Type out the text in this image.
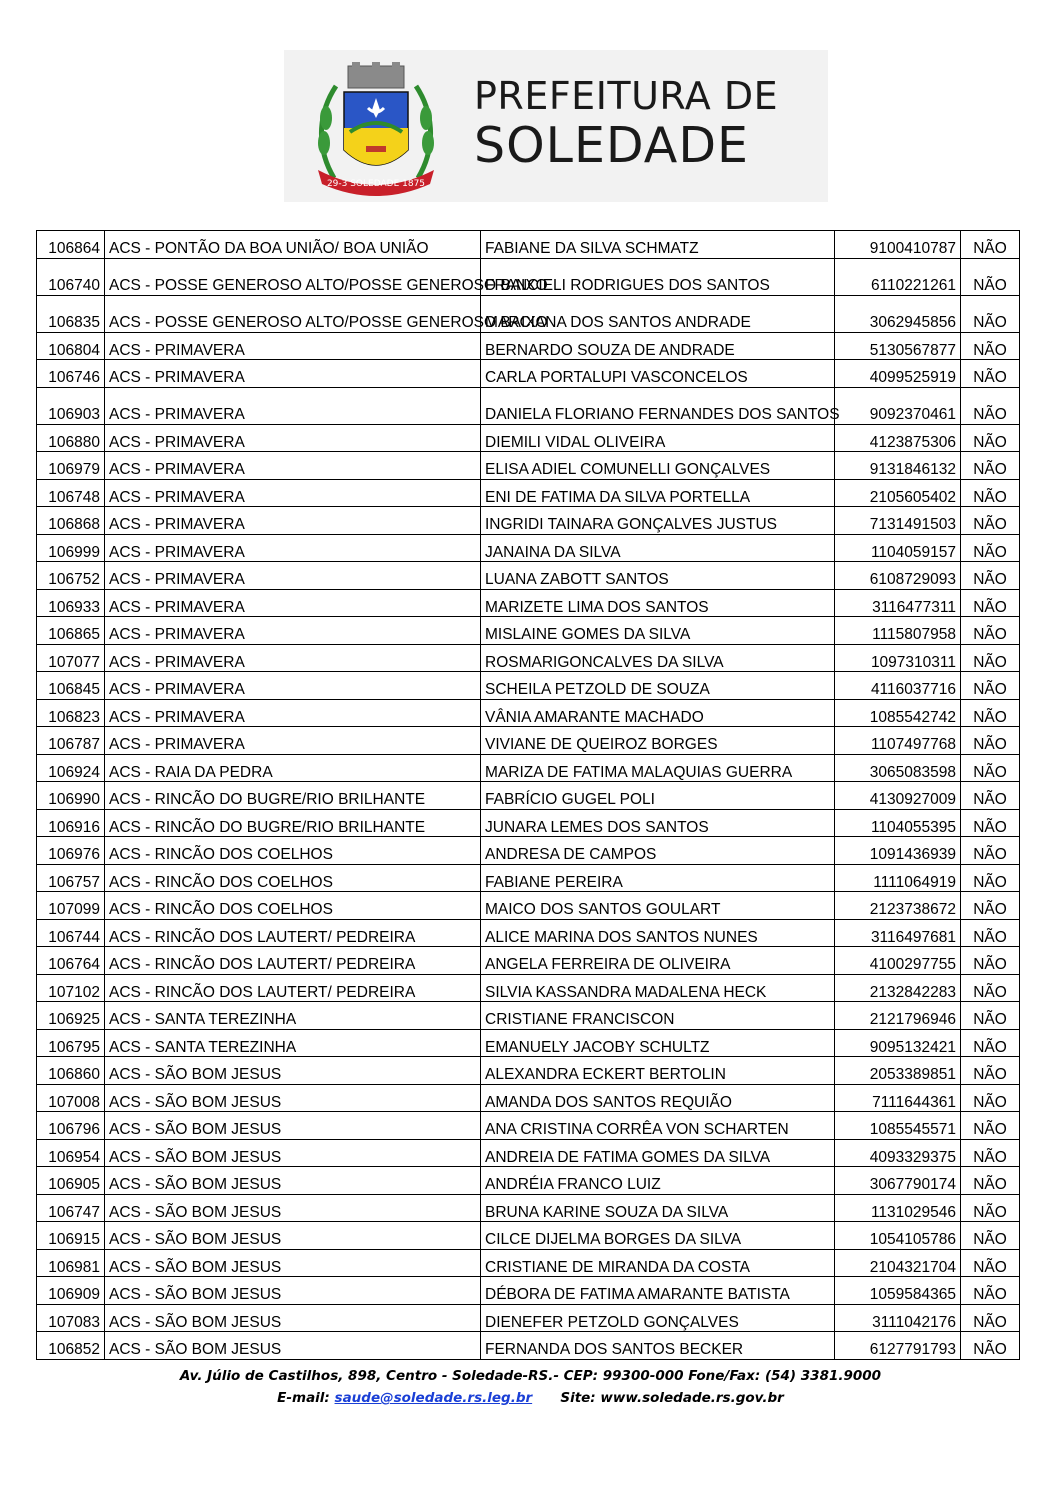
29-3 SOLEDADE 1875
PREFEITURA DE
SOLEDADE
106864	ACS - PONTÃO DA BOA UNIÃO/ BOA UNIÃO	FABIANE DA SILVA SCHMATZ	9100410787	NÃO
106740	ACS - POSSE GENEROSO ALTO/POSSE GENEROSO BAIXO	FRANCIELI RODRIGUES DOS SANTOS	6110221261	NÃO
106835	ACS - POSSE GENEROSO ALTO/POSSE GENEROSO BAIXO	MARCIANA DOS SANTOS ANDRADE	3062945856	NÃO
106804	ACS - PRIMAVERA	BERNARDO SOUZA DE ANDRADE	5130567877	NÃO
106746	ACS - PRIMAVERA	CARLA PORTALUPI VASCONCELOS	4099525919	NÃO
106903	ACS - PRIMAVERA	DANIELA FLORIANO FERNANDES DOS SANTOS	9092370461	NÃO
106880	ACS - PRIMAVERA	DIEMILI VIDAL OLIVEIRA	4123875306	NÃO
106979	ACS - PRIMAVERA	ELISA ADIEL COMUNELLI GONÇALVES	9131846132	NÃO
106748	ACS - PRIMAVERA	ENI DE FATIMA DA SILVA PORTELLA	2105605402	NÃO
106868	ACS - PRIMAVERA	INGRIDI TAINARA GONÇALVES JUSTUS	7131491503	NÃO
106999	ACS - PRIMAVERA	JANAINA DA SILVA	1104059157	NÃO
106752	ACS - PRIMAVERA	LUANA ZABOTT SANTOS	6108729093	NÃO
106933	ACS - PRIMAVERA	MARIZETE LIMA DOS SANTOS	3116477311	NÃO
106865	ACS - PRIMAVERA	MISLAINE GOMES DA SILVA	1115807958	NÃO
107077	ACS - PRIMAVERA	ROSMARIGONCALVES DA SILVA	1097310311	NÃO
106845	ACS - PRIMAVERA	SCHEILA PETZOLD DE SOUZA	4116037716	NÃO
106823	ACS - PRIMAVERA	VÂNIA AMARANTE MACHADO	1085542742	NÃO
106787	ACS - PRIMAVERA	VIVIANE DE QUEIROZ BORGES	1107497768	NÃO
106924	ACS - RAIA DA PEDRA	MARIZA DE FATIMA MALAQUIAS GUERRA	3065083598	NÃO
106990	ACS - RINCÃO DO BUGRE/RIO BRILHANTE	FABRÍCIO GUGEL POLI	4130927009	NÃO
106916	ACS - RINCÃO DO BUGRE/RIO BRILHANTE	JUNARA LEMES DOS SANTOS	1104055395	NÃO
106976	ACS - RINCÃO DOS COELHOS	ANDRESA DE CAMPOS	1091436939	NÃO
106757	ACS - RINCÃO DOS COELHOS	FABIANE PEREIRA	1111064919	NÃO
107099	ACS - RINCÃO DOS COELHOS	MAICO DOS SANTOS GOULART	2123738672	NÃO
106744	ACS - RINCÃO DOS LAUTERT/ PEDREIRA	ALICE MARINA DOS SANTOS NUNES	3116497681	NÃO
106764	ACS - RINCÃO DOS LAUTERT/ PEDREIRA	ANGELA FERREIRA DE OLIVEIRA	4100297755	NÃO
107102	ACS - RINCÃO DOS LAUTERT/ PEDREIRA	SILVIA KASSANDRA MADALENA HECK	2132842283	NÃO
106925	ACS - SANTA TEREZINHA	CRISTIANE FRANCISCON	2121796946	NÃO
106795	ACS - SANTA TEREZINHA	EMANUELY JACOBY SCHULTZ	9095132421	NÃO
106860	ACS - SÃO BOM JESUS	ALEXANDRA ECKERT BERTOLIN	2053389851	NÃO
107008	ACS - SÃO BOM JESUS	AMANDA DOS SANTOS REQUIÃO	7111644361	NÃO
106796	ACS - SÃO BOM JESUS	ANA CRISTINA CORRÊA VON SCHARTEN	1085545571	NÃO
106954	ACS - SÃO BOM JESUS	ANDREIA DE FATIMA GOMES DA SILVA	4093329375	NÃO
106905	ACS - SÃO BOM JESUS	ANDRÉIA FRANCO LUIZ	3067790174	NÃO
106747	ACS - SÃO BOM JESUS	BRUNA KARINE SOUZA DA SILVA	1131029546	NÃO
106915	ACS - SÃO BOM JESUS	CILCE DIJELMA BORGES DA SILVA	1054105786	NÃO
106981	ACS - SÃO BOM JESUS	CRISTIANE DE MIRANDA DA COSTA	2104321704	NÃO
106909	ACS - SÃO BOM JESUS	DÉBORA DE FATIMA AMARANTE BATISTA	1059584365	NÃO
107083	ACS - SÃO BOM JESUS	DIENEFER PETZOLD GONÇALVES	3111042176	NÃO
106852	ACS - SÃO BOM JESUS	FERNANDA DOS SANTOS BECKER	6127791793	NÃO
Av. Júlio de Castilhos, 898, Centro - Soledade-RS.- CEP: 99300-000 Fone/Fax: (54) 3381.9000
E-mail: saude@soledade.rs.leg.br Site: www.soledade.rs.gov.br
